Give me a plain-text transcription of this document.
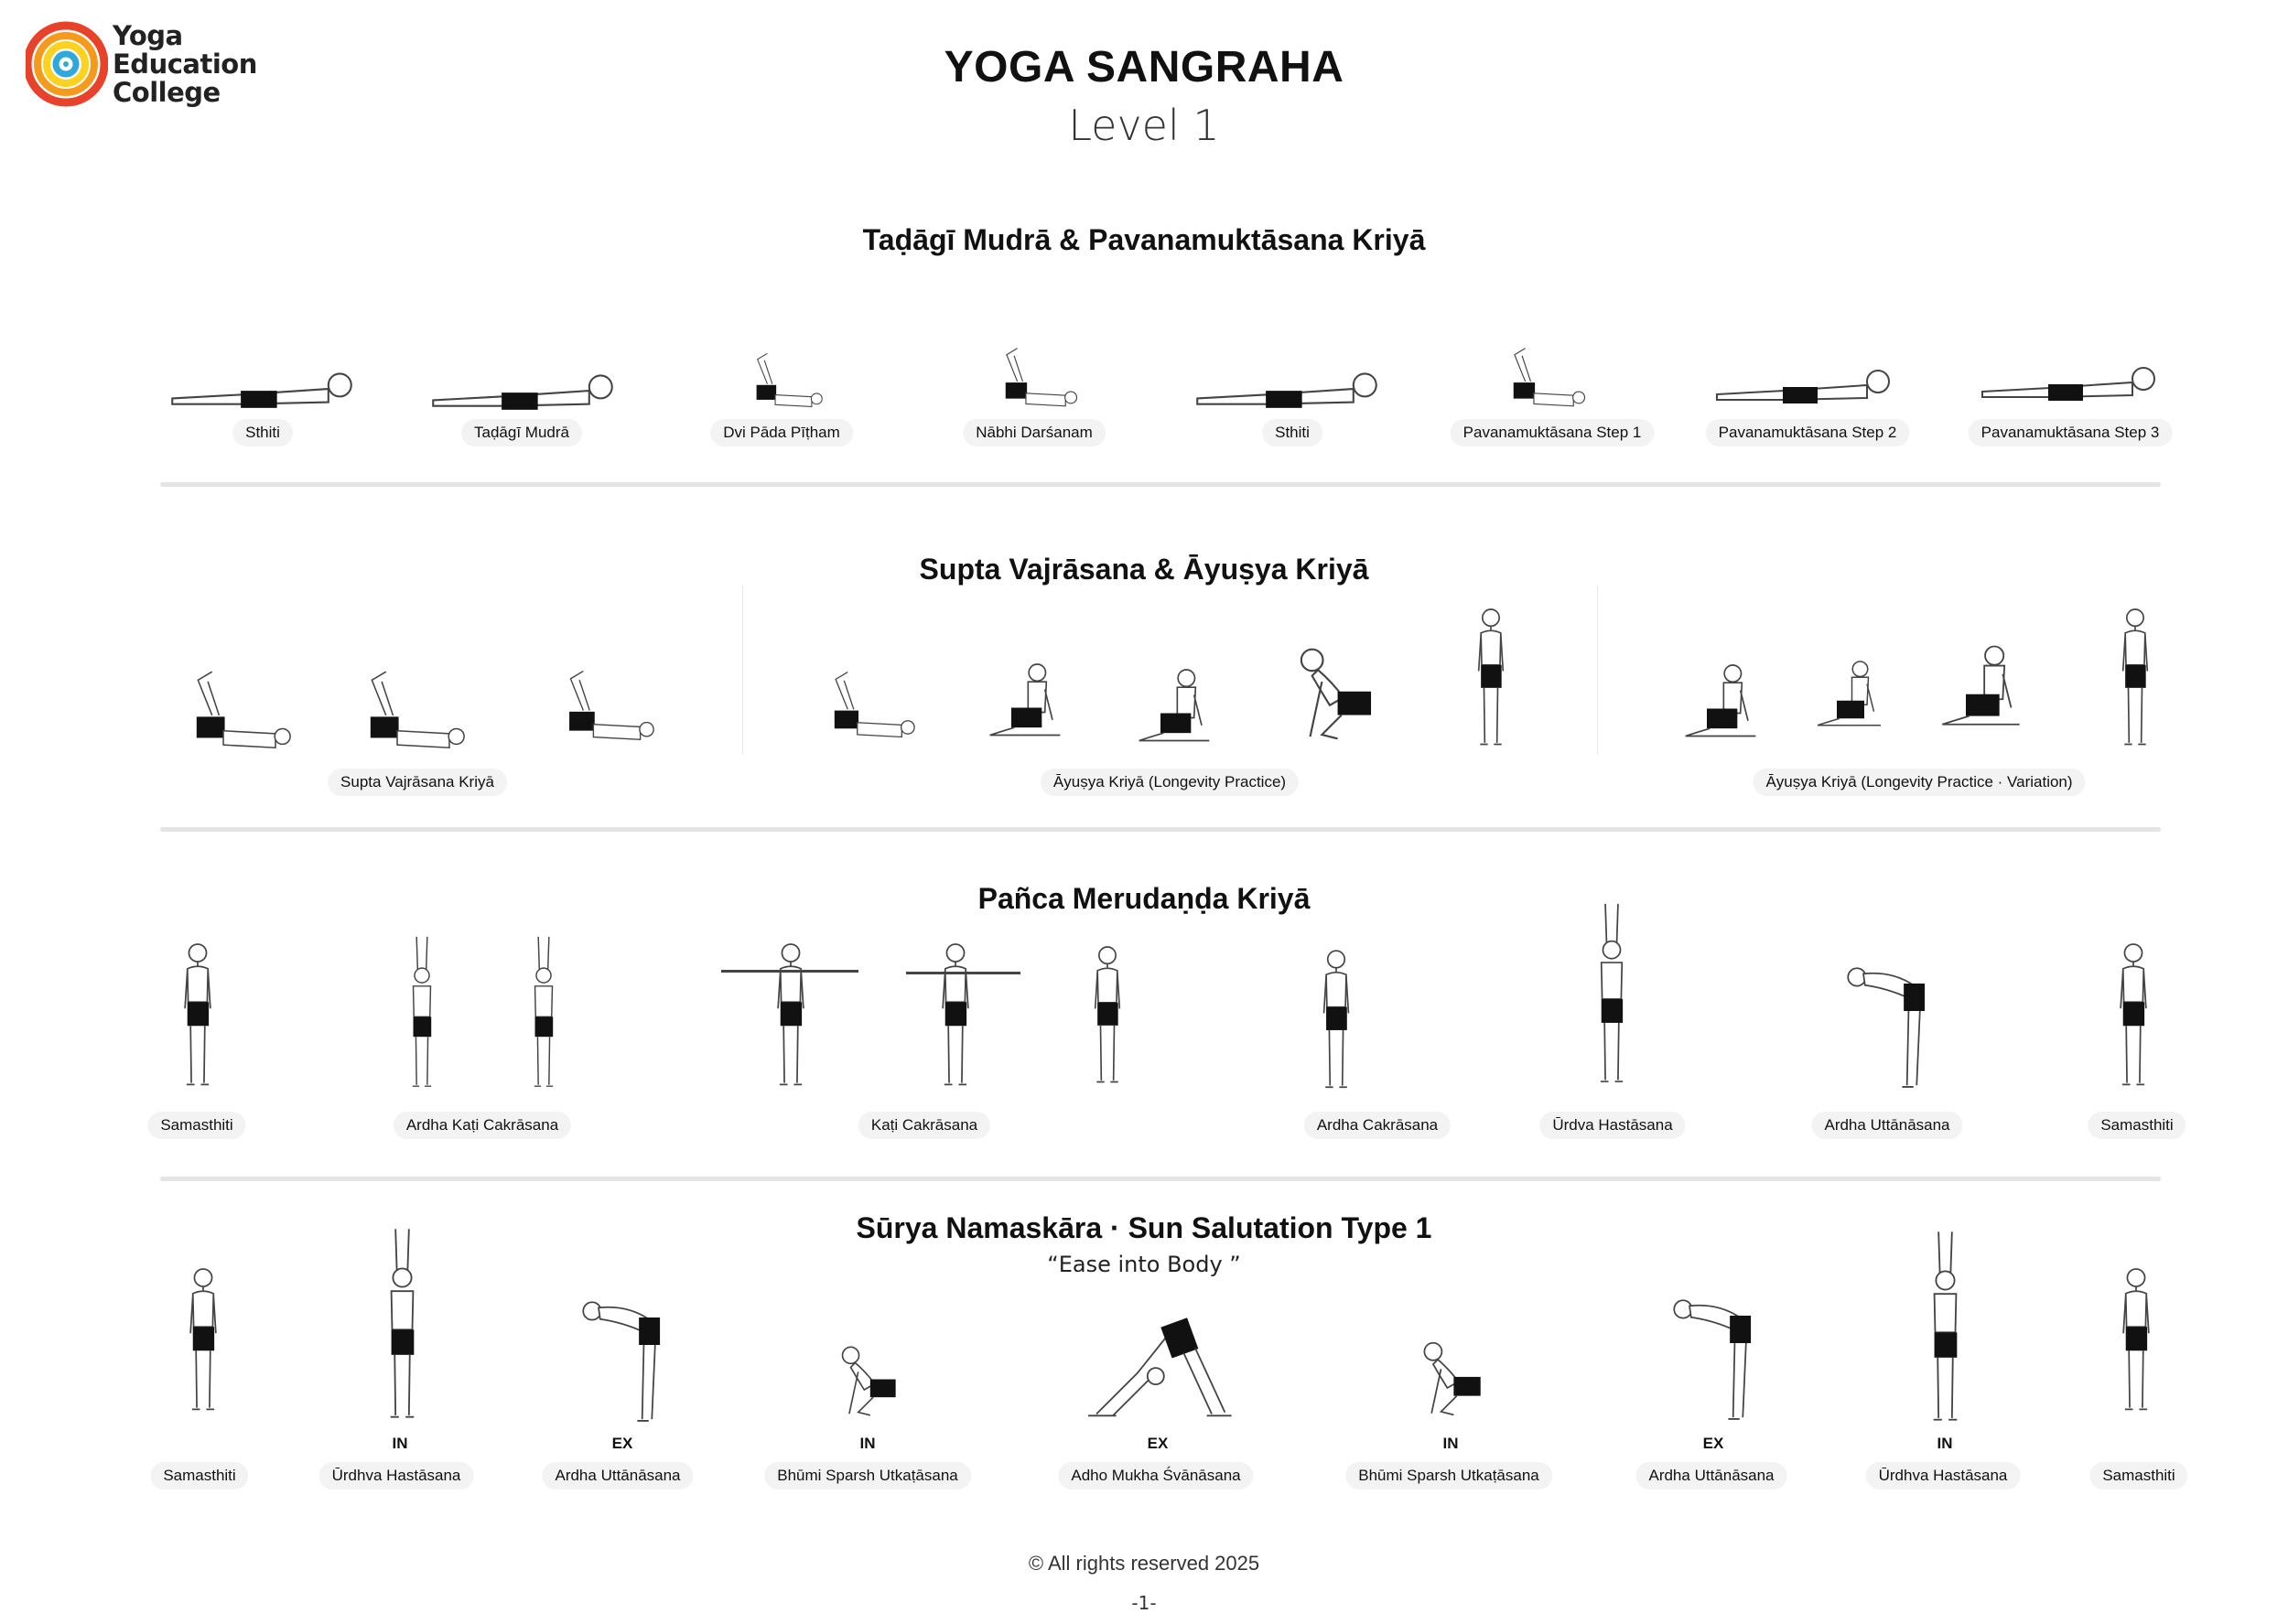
Yoga
Education
College
YOGA SANGRAHA
Level 1
Taḍāgī Mudrā & Pavanamuktāsana Kriyā
Sthiti	Taḍāgī Mudrā	Dvi Pāda Pīṭham	Nābhi Darśanam	Sthiti	Pavanamuktāsana Step 1	Pavanamuktāsana Step 2	Pavanamuktāsana Step 3
Supta Vajrāsana & Āyuṣya Kriyā
Supta Vajrāsana Kriyā	Āyuṣya Kriyā (Longevity Practice)	Āyuṣya Kriyā (Longevity Practice · Variation)
Pañca Merudaṇḍa Kriyā
Samasthiti	Ardha Kaṭi Cakrāsana	Kaṭi Cakrāsana	Ardha Cakrāsana	Ūrdva Hastāsana	Ardha Uttānāsana	Samasthiti
Sūrya Namaskāra · Sun Salutation Type 1
“Ease into Body ”
IN	EX	IN	EX	IN	EX	IN
Samasthiti	Ūrdhva Hastāsana	Ardha Uttānāsana	Bhūmi Sparsh Utkaṭāsana	Adho Mukha Śvānāsana	Bhūmi Sparsh Utkaṭāsana	Ardha Uttānāsana	Ūrdhva Hastāsana	Samasthiti
© All rights reserved 2025
-1-
